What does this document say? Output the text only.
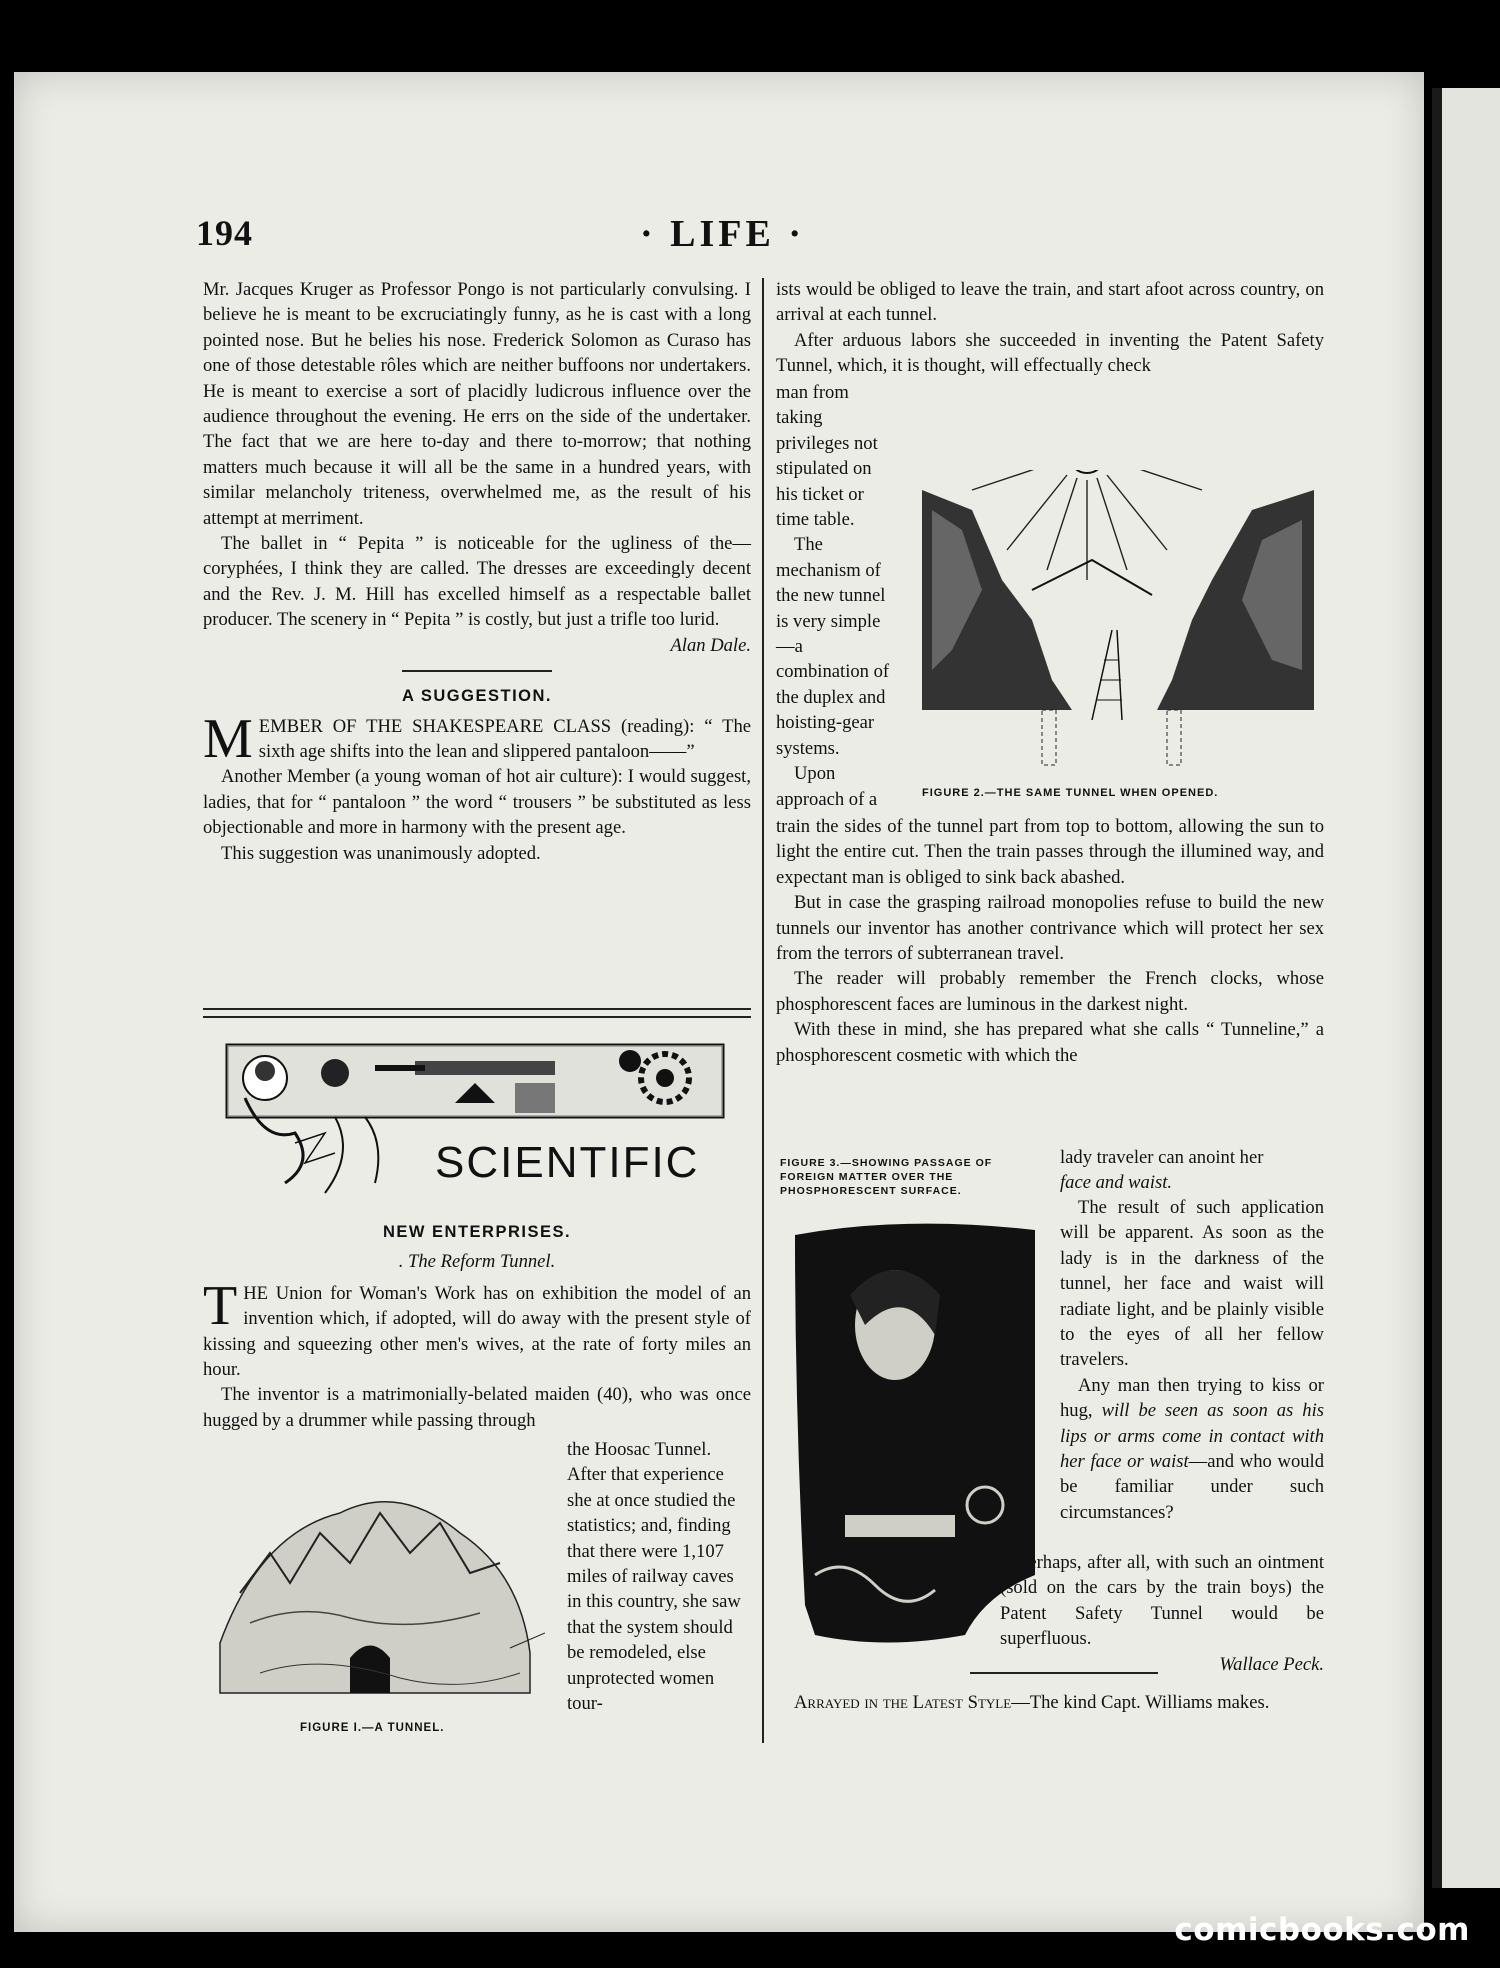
194	· LIFE ·

Mr. Jacques Kruger as Professor Pongo is not particularly convulsing. I believe he is meant to be excruciatingly funny, as he is cast with a long pointed nose. But he belies his nose. Frederick Solomon as Curaso has one of those detestable rôles which are neither buffoons nor undertakers. He is meant to exercise a sort of placidly ludicrous influence over the audience throughout the evening. He errs on the side of the undertaker. The fact that we are here to-day and there to-morrow; that nothing matters much because it will all be the same in a hundred years, with similar melancholy triteness, overwhelmed me, as the result of his attempt at merriment.

The ballet in “ Pepita ” is noticeable for the ugliness of the—coryphées, I think they are called. The dresses are exceedingly decent and the Rev. J. M. Hill has excelled himself as a respectable ballet producer. The scenery in “ Pepita ” is costly, but just a trifle too lurid.

Alan Dale.
A SUGGESTION.

MEMBER OF THE SHAKESPEARE CLASS (reading): “ The sixth age shifts into the lean and slippered pantaloon——”

Another Member (a young woman of hot air culture): I would suggest, ladies, that for “ pantaloon ” the word “ trousers ” be substituted as less objectionable and more in harmony with the present age.

This suggestion was unanimously adopted.

SCIENTIFIC
NEW ENTERPRISES.
. The Reform Tunnel.

THE Union for Woman's Work has on exhibition the model of an invention which, if adopted, will do away with the present style of kissing and squeezing other men's wives, at the rate of forty miles an hour.

The inventor is a matrimonially-belated maiden (40), who was once hugged by a drummer while passing through

the Hoosac Tunnel. After that experience she at once studied the statistics; and, finding that there were 1,107 miles of railway caves in this country, she saw that the system should be remodeled, else unprotected women tour-

FIGURE I.—A TUNNEL.

ists would be obliged to leave the train, and start afoot across country, on arrival at each tunnel.

After arduous labors she succeeded in inventing the Patent Safety Tunnel, which, it is thought, will effectually check

man from taking privileges not stipulated on his ticket or time table.

The mechanism of the new tunnel is very simple—a combination of the duplex and hoisting-gear systems.

Upon approach of a	FIGURE 2.—THE SAME TUNNEL WHEN OPENED.

train the sides of the tunnel part from top to bottom, allowing the sun to light the entire cut. Then the train passes through the illumined way, and expectant man is obliged to sink back abashed.

But in case the grasping railroad monopolies refuse to build the new tunnels our inventor has another contrivance which will protect her sex from the terrors of subterranean travel.

The reader will probably remember the French clocks, whose phosphorescent faces are luminous in the darkest night.

With these in mind, she has prepared what she calls “ Tunneline,” a phosphorescent cosmetic with which the

FIGURE 3.—SHOWING PASSAGE OF FOREIGN MATTER OVER THE PHOSPHORESCENT SURFACE.

lady traveler can anoint her

face and waist.

The result of such application will be apparent. As soon as the lady is in the darkness of the tunnel, her face and waist will radiate light, and be plainly visible to the eyes of all her fellow travelers.

Any man then trying to kiss or hug, will be seen as soon as his lips or arms come in contact with her face or waist—and who would be familiar under such circumstances?

Perhaps, after all, with such an ointment (sold on the cars by the train boys) the Patent Safety Tunnel would be superfluous.

Wallace Peck.

Arrayed in the Latest Style—The kind Capt. Williams makes.

comicbooks.com
